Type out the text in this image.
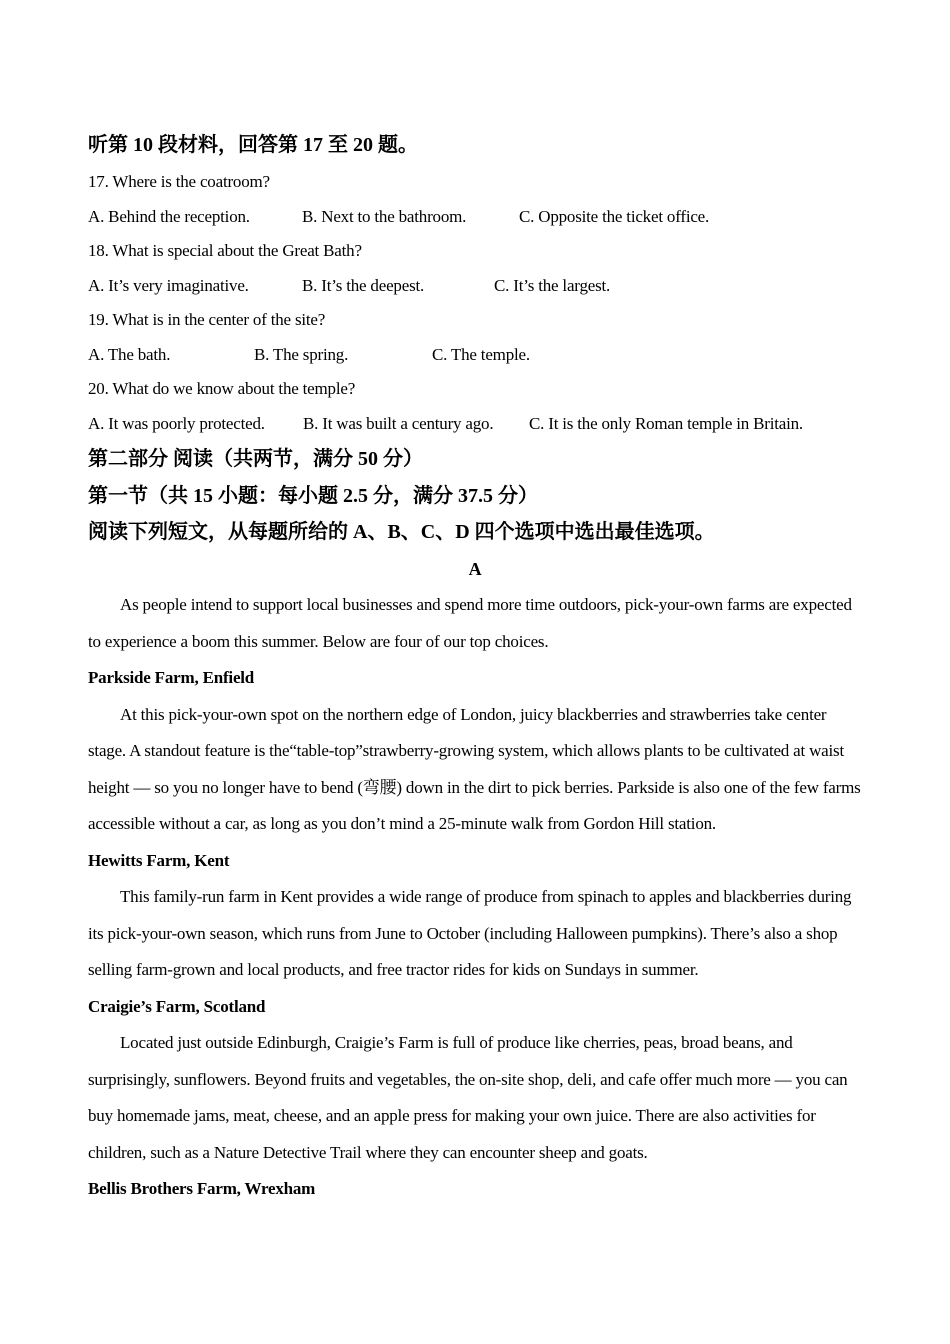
听第 10 段材料，回答第 17 至 20 题。

17. Where is the coatroom?

A. Behind the reception.	B. Next to the bathroom.	C. Opposite the ticket office.

18. What is special about the Great Bath?

A. It’s very imaginative.	B. It’s the deepest.	C. It’s the largest.

19. What is in the center of the site?

A. The bath.	B. The spring.	C. The temple.

20. What do we know about the temple?

A. It was poorly protected.	B. It was built a century ago.	C. It is the only Roman temple in Britain.

第二部分 阅读（共两节，满分 50 分）

第一节（共 15 小题：每小题 2.5 分，满分 37.5 分）

阅读下列短文，从每题所给的 A、B、C、D 四个选项中选出最佳选项。

A

As people intend to support local businesses and spend more time outdoors, pick-your-own farms are expected to experience a boom this summer. Below are four of our top choices.

Parkside Farm, Enfield

At this pick-your-own spot on the northern edge of London, juicy blackberries and strawberries take center stage. A standout feature is the“table-top”strawberry-growing system, which allows plants to be cultivated at waist height — so you no longer have to bend (弯腰) down in the dirt to pick berries. Parkside is also one of the few farms accessible without a car, as long as you don’t mind a 25-minute walk from Gordon Hill station.

Hewitts Farm, Kent

This family-run farm in Kent provides a wide range of produce from spinach to apples and blackberries during its pick-your-own season, which runs from June to October (including Halloween pumpkins). There’s also a shop selling farm-grown and local products, and free tractor rides for kids on Sundays in summer.

Craigie’s Farm, Scotland

Located just outside Edinburgh, Craigie’s Farm is full of produce like cherries, peas, broad beans, and surprisingly, sunflowers. Beyond fruits and vegetables, the on-site shop, deli, and cafe offer much more — you can buy homemade jams, meat, cheese, and an apple press for making your own juice. There are also activities for children, such as a Nature Detective Trail where they can encounter sheep and goats.

Bellis Brothers Farm, Wrexham
